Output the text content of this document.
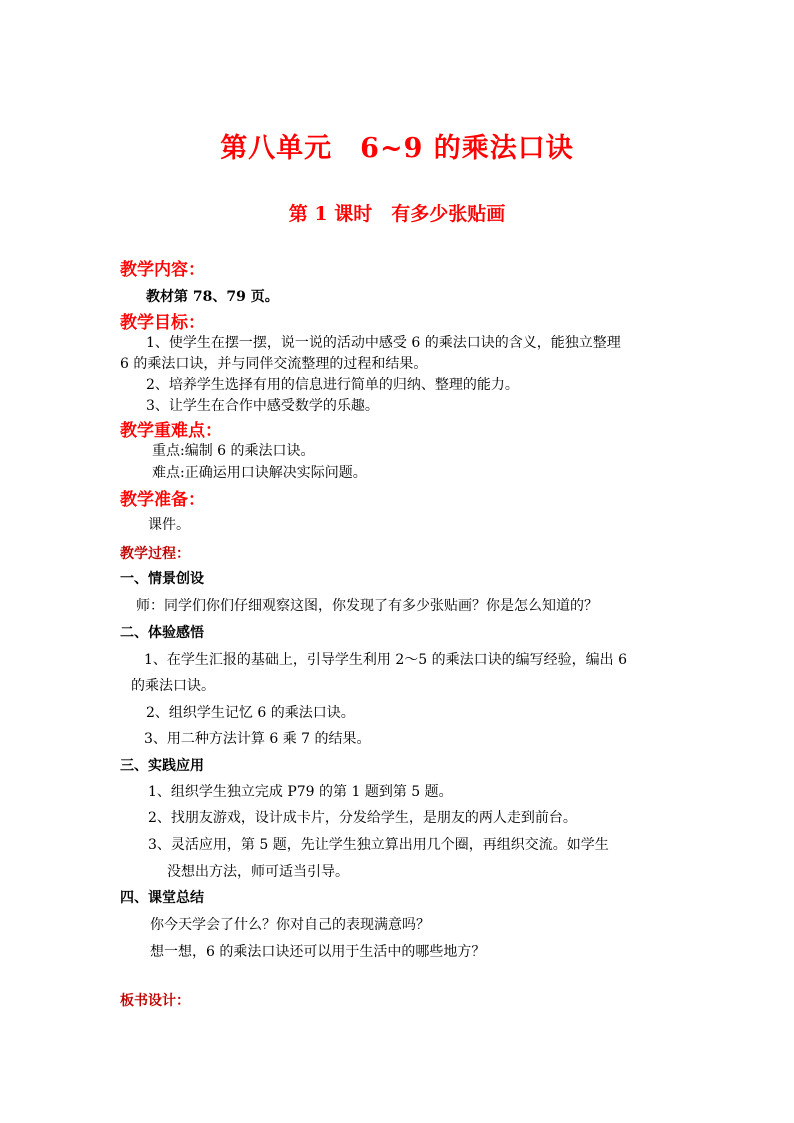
第八单元　6~9 的乘法口诀
第 1 课时　有多少张贴画
教学内容：
教材第 78、79 页。
教学目标：
1、使学生在摆一摆，说一说的活动中感受 6 的乘法口诀的含义，能独立整理
6 的乘法口诀，并与同伴交流整理的过程和结果。
2、培养学生选择有用的信息进行简单的归纳、整理的能力。
3、让学生在合作中感受数学的乐趣。
教学重难点：
重点:编制 6 的乘法口诀。
难点:正确运用口诀解决实际问题。
教学准备：
课件。
教学过程：
一、情景创设
师：同学们你们仔细观察这图，你发现了有多少张贴画？你是怎么知道的？
二、体验感悟
1、在学生汇报的基础上，引导学生利用 2～5 的乘法口诀的编写经验，编出 6
的乘法口诀。
2、组织学生记忆 6 的乘法口诀。
3、用二种方法计算 6 乘 7 的结果。
三、实践应用
1、组织学生独立完成 P79 的第 1 题到第 5 题。
2、找朋友游戏，设计成卡片，分发给学生，是朋友的两人走到前台。
3、灵活应用，第 5 题，先让学生独立算出用几个圈，再组织交流。如学生
没想出方法，师可适当引导。
四、课堂总结
你今天学会了什么？你对自己的表现满意吗？
想一想，6 的乘法口诀还可以用于生活中的哪些地方？
板书设计：
